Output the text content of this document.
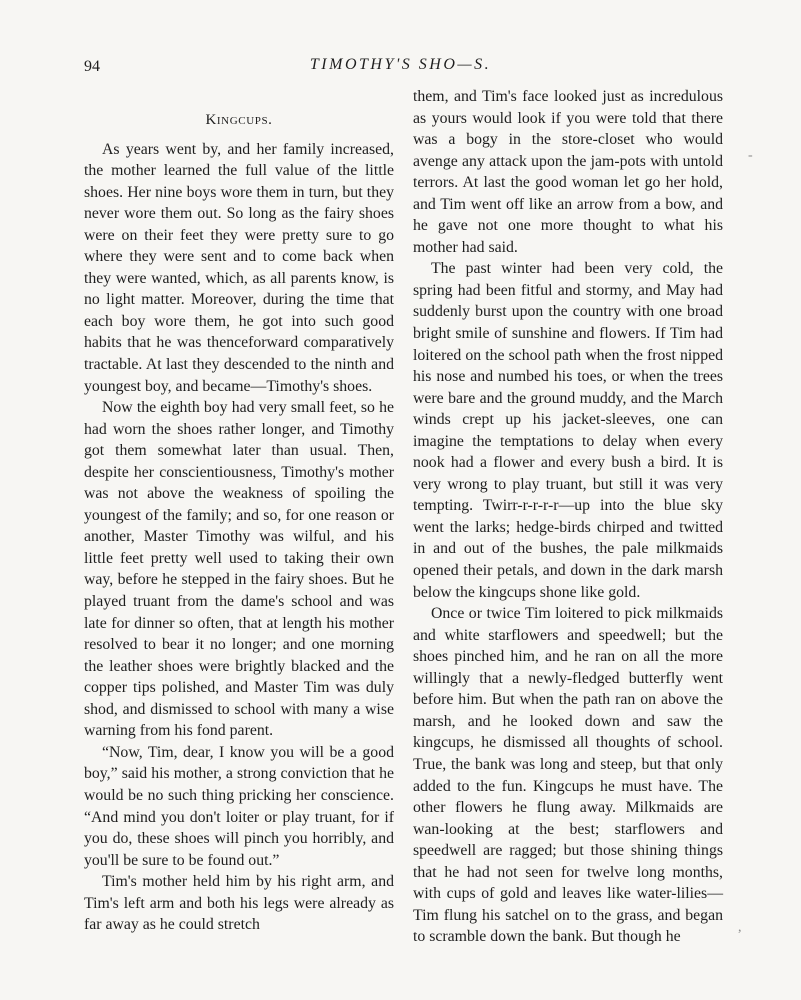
94	TIMOTHY'S SHO—S.
Kingcups.

As years went by, and her family increased, the mother learned the full value of the little shoes. Her nine boys wore them in turn, but they never wore them out. So long as the fairy shoes were on their feet they were pretty sure to go where they were sent and to come back when they were wanted, which, as all parents know, is no light matter. Moreover, during the time that each boy wore them, he got into such good habits that he was thenceforward comparatively tractable. At last they descended to the ninth and youngest boy, and became—Timothy's shoes.

Now the eighth boy had very small feet, so he had worn the shoes rather longer, and Timothy got them somewhat later than usual. Then, despite her conscientiousness, Timothy's mother was not above the weakness of spoiling the youngest of the family; and so, for one reason or another, Master Timothy was wilful, and his little feet pretty well used to taking their own way, before he stepped in the fairy shoes. But he played truant from the dame's school and was late for dinner so often, that at length his mother resolved to bear it no longer; and one morning the leather shoes were brightly blacked and the copper tips polished, and Master Tim was duly shod, and dismissed to school with many a wise warning from his fond parent.

“Now, Tim, dear, I know you will be a good boy,” said his mother, a strong conviction that he would be no such thing pricking her conscience. “And mind you don't loiter or play truant, for if you do, these shoes will pinch you horribly, and you'll be sure to be found out.”

Tim's mother held him by his right arm, and Tim's left arm and both his legs were already as far away as he could stretch

them, and Tim's face looked just as incredulous as yours would look if you were told that there was a bogy in the store-closet who would avenge any attack upon the jam-pots with untold terrors. At last the good woman let go her hold, and Tim went off like an arrow from a bow, and he gave not one more thought to what his mother had said.

The past winter had been very cold, the spring had been fitful and stormy, and May had suddenly burst upon the country with one broad bright smile of sunshine and flowers. If Tim had loitered on the school path when the frost nipped his nose and numbed his toes, or when the trees were bare and the ground muddy, and the March winds crept up his jacket-sleeves, one can imagine the temptations to delay when every nook had a flower and every bush a bird. It is very wrong to play truant, but still it was very tempting. Twirr-r-r-r-r—up into the blue sky went the larks; hedge-birds chirped and twitted in and out of the bushes, the pale milkmaids opened their petals, and down in the dark marsh below the kingcups shone like gold.

Once or twice Tim loitered to pick milkmaids and white starflowers and speedwell; but the shoes pinched him, and he ran on all the more willingly that a newly-fledged butterfly went before him. But when the path ran on above the marsh, and he looked down and saw the kingcups, he dismissed all thoughts of school. True, the bank was long and steep, but that only added to the fun. Kingcups he must have. The other flowers he flung away. Milkmaids are wan-looking at the best; starflowers and speedwell are ragged; but those shining things that he had not seen for twelve long months, with cups of gold and leaves like water-lilies—Tim flung his satchel on to the grass, and began to scramble down the bank. But though he

-
,
